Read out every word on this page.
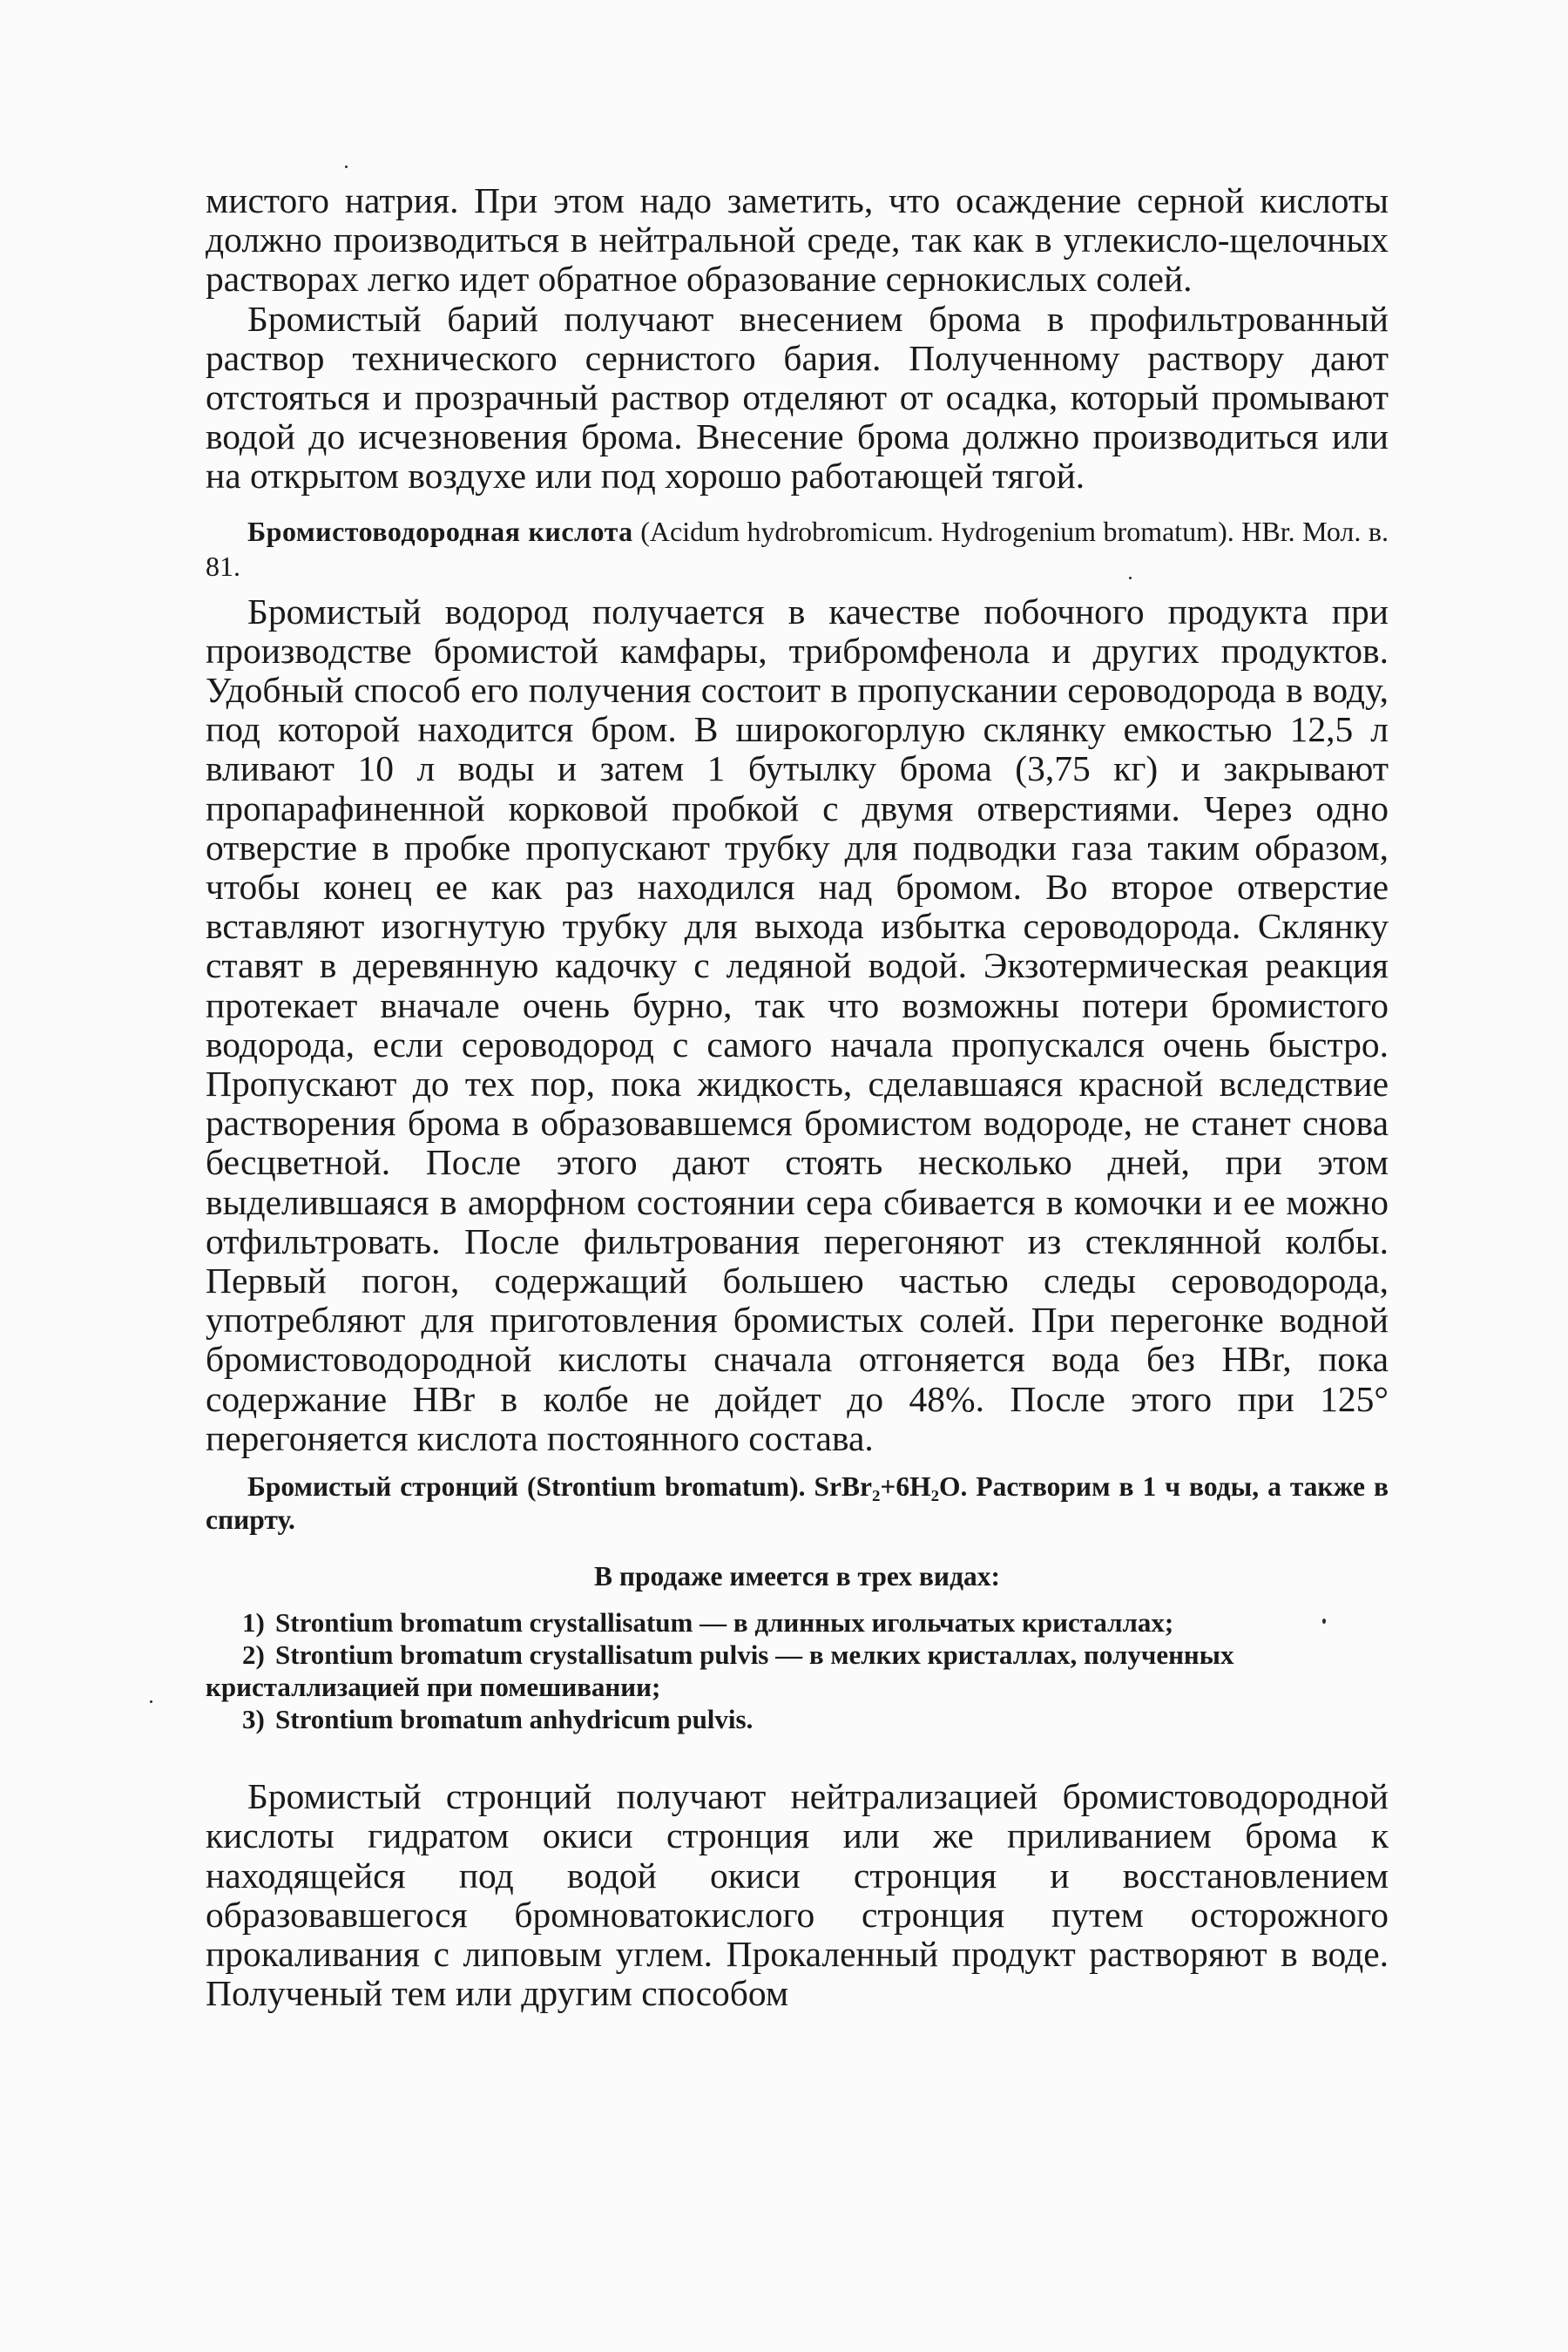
мистого натрия. При этом надо заметить, что осаждение серной кислоты должно производиться в нейтральной среде, так как в углекисло-щелочных растворах легко идет обратное образование сернокислых солей.

Бромистый барий получают внесением брома в профильтрованный раствор технического сернистого бария. Полученному раствору дают отстояться и прозрачный раствор отделяют от осадка, который промывают водой до исчезновения брома. Внесение брома должно производиться или на открытом воздухе или под хорошо работающей тягой.

Бромистоводородная кислота (Acidum hydrobromicum. Hydrogenium bromatum). HBr. Мол. в. 81.

Бромистый водород получается в качестве побочного продукта при производстве бромистой камфары, трибромфенола и других продуктов. Удобный способ его получения состоит в пропускании сероводорода в воду, под которой находится бром. В широкогорлую склянку емкостью 12,5 л вливают 10 л воды и затем 1 бутылку брома (3,75 кг) и закрывают пропарафиненной корковой пробкой с двумя отверстиями. Через одно отверстие в пробке пропускают трубку для подводки газа таким образом, чтобы конец ее как раз находился над бромом. Во второе отверстие вставляют изогнутую трубку для выхода избытка сероводорода. Склянку ставят в деревянную кадочку с ледяной водой. Экзотермическая реакция протекает вначале очень бурно, так что возможны потери бромистого водорода, если сероводород с самого начала пропускался очень быстро. Пропускают до тех пор, пока жидкость, сделавшаяся красной вследствие растворения брома в образовавшемся бромистом водороде, не станет снова бесцветной. После этого дают стоять несколько дней, при этом выделившаяся в аморфном состоянии сера сбивается в комочки и ее можно отфильтровать. После фильтрования перегоняют из стеклянной колбы. Первый погон, содержащий большею частью следы сероводорода, употребляют для приготовления бромистых солей. При перегонке водной бромистоводородной кислоты сначала отгоняется вода без HBr, пока содержание HBr в колбе не дойдет до 48%. После этого при 125° перегоняется кислота постоянного состава.

Бромистый стронций (Strontium bromatum). SrBr₂+6H₂O. Растворим в 1 ч воды, а также в спирту.

В продаже имеется в трех видах:

1) Strontium bromatum crystallisatum — в длинных игольчатых кристаллах;
2) Strontium bromatum crystallisatum pulvis — в мелких кристаллах, полученных кристаллизацией при помешивании;
3) Strontium bromatum anhydricum pulvis.

Бромистый стронций получают нейтрализацией бромистоводородной кислоты гидратом окиси стронция или же приливанием брома к находящейся под водой окиси стронция и восстановлением образовавшегося бромноватокислого стронция путем осторожного прокаливания с липовым углем. Прокаленный продукт растворяют в воде. Полученый тем или другим способом
